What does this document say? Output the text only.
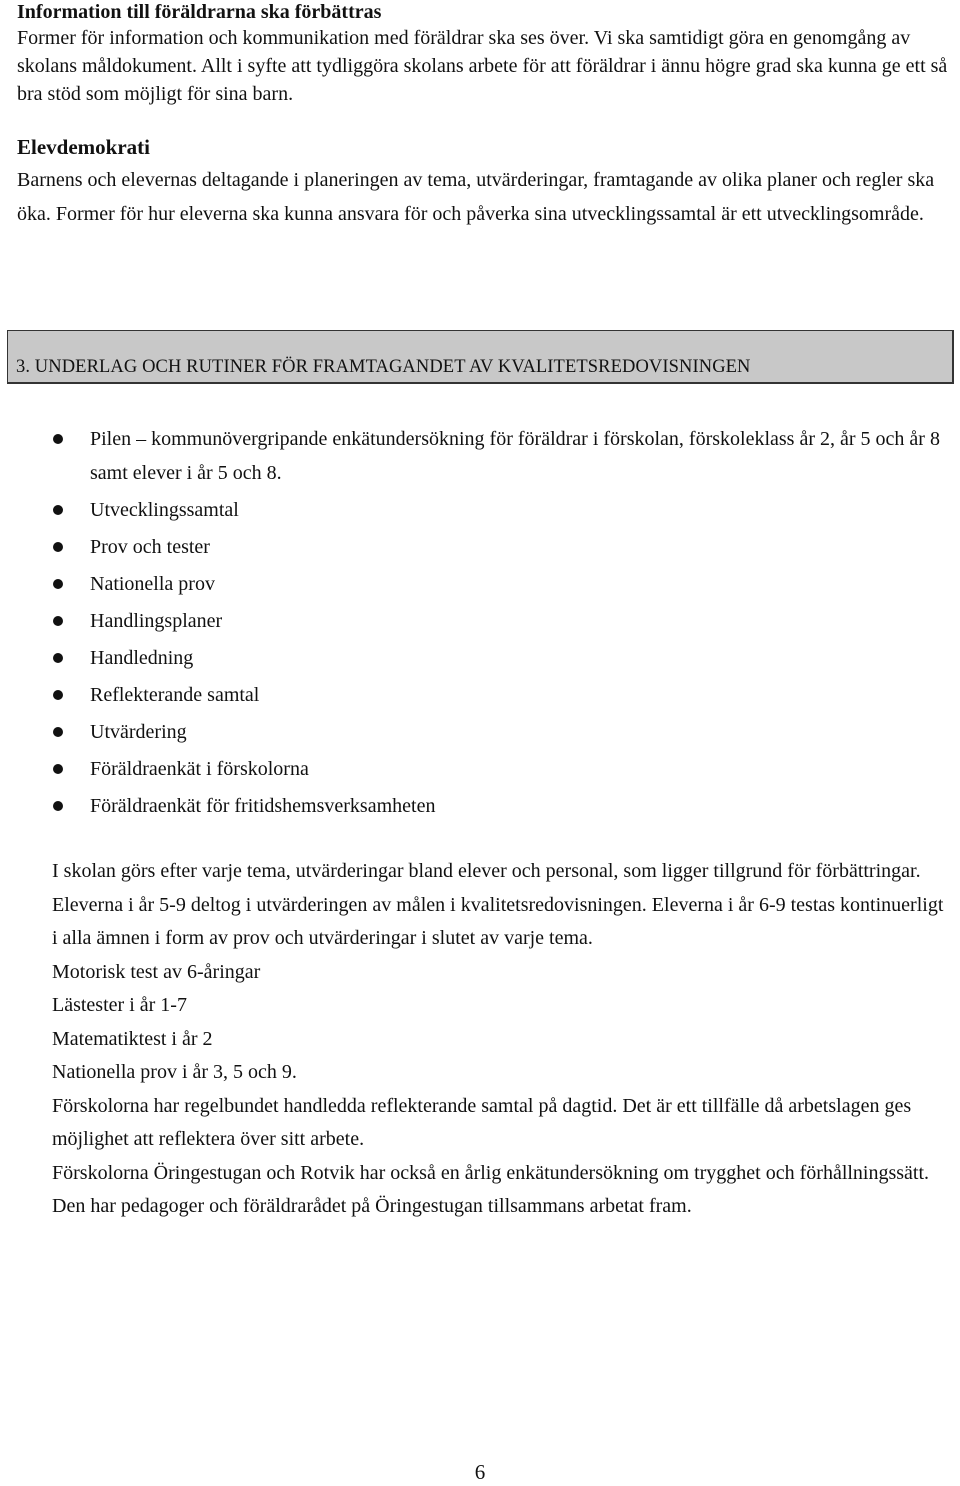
Information till föräldrarna ska förbättras

Former för information och kommunikation med föräldrar ska ses över. Vi ska samtidigt göra en genomgång av skolans måldokument. Allt i syfte att tydliggöra skolans arbete för att föräldrar i ännu högre grad ska kunna ge ett så bra stöd som möjligt för sina barn.

Elevdemokrati

Barnens och elevernas deltagande i planeringen av tema, utvärderingar, framtagande av olika planer och regler ska öka. Former för hur eleverna ska kunna ansvara för och påverka sina utvecklingssamtal är ett utvecklingsområde.

3. UNDERLAG OCH RUTINER FÖR FRAMTAGANDET AV KVALITETSREDOVISNINGEN
Pilen – kommunövergripande enkätundersökning för föräldrar i förskolan, förskoleklass år 2, år 5 och år 8 samt elever i år 5 och 8.
Utvecklingssamtal
Prov och tester
Nationella prov
Handlingsplaner
Handledning
Reflekterande samtal
Utvärdering
Föräldraenkät i förskolorna
Föräldraenkät för fritidshemsverksamheten

I skolan görs efter varje tema, utvärderingar bland elever och personal, som ligger tillgrund för förbättringar. Eleverna i år 5-9 deltog i utvärderingen av målen i kvalitetsredovisningen. Eleverna i år 6-9 testas kontinuerligt i alla ämnen i form av prov och utvärderingar i slutet av varje tema.

Motorisk test av 6-åringar

Lästester i år 1-7

Matematiktest i år 2

Nationella prov i år 3, 5 och 9.

Förskolorna har regelbundet handledda reflekterande samtal på dagtid. Det är ett tillfälle då arbetslagen ges möjlighet att reflektera över sitt arbete.

Förskolorna Öringestugan och Rotvik har också en årlig enkätundersökning om trygghet och förhållningssätt. Den har pedagoger och föräldrarådet på Öringestugan tillsammans arbetat fram.

6
